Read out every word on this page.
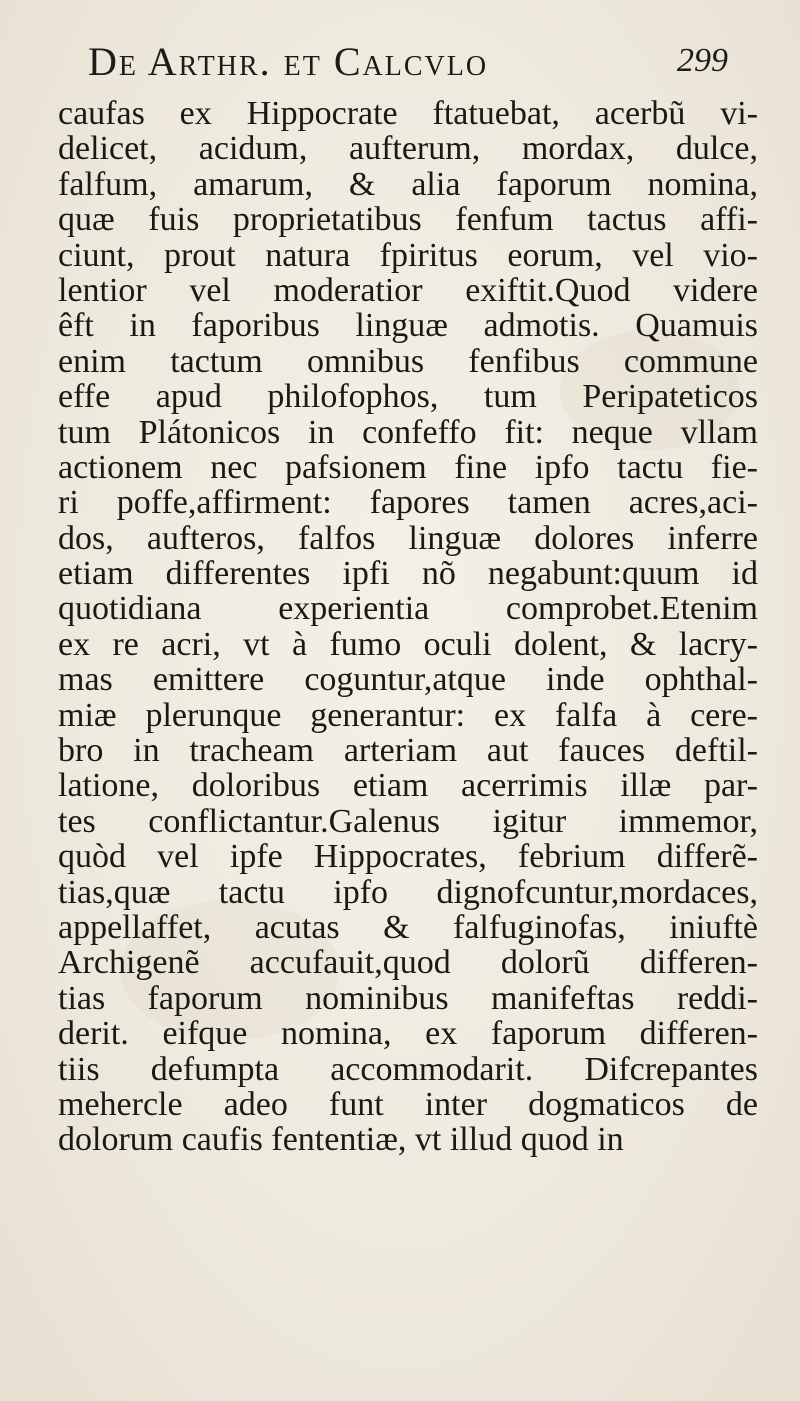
De Arthr. et Calcvlo	299
caufas ex Hippocrate ftatuebat, acerbũ vi-
delicet, acidum, aufterum, mordax, dulce,
falfum, amarum, & alia faporum nomina,
quæ fuis proprietatibus fenfum tactus affi-
ciunt, prout natura fpiritus eorum, vel vio-
lentior vel moderatior exiftit.Quod videre
êft in faporibus linguæ admotis. Quamuis
enim tactum omnibus fenfibus commune
effe apud philofophos, tum Peripateticos
tum Plátonicos in confeffo fit: neque vllam
actionem nec pafsionem fine ipfo tactu fie-
ri poffe,affirment: fapores tamen acres,aci-
dos, aufteros, falfos linguæ dolores inferre
etiam differentes ipfi nõ negabunt:quum id
quotidiana experientia comprobet.Etenim
ex re acri, vt à fumo oculi dolent, & lacry-
mas emittere coguntur,atque inde ophthal-
miæ plerunque generantur: ex falfa à cere-
bro in tracheam arteriam aut fauces deftil-
latione, doloribus etiam acerrimis illæ par-
tes conflictantur.Galenus igitur immemor,
quòd vel ipfe Hippocrates, febrium differẽ-
tias,quæ tactu ipfo dignofcuntur,mordaces,
appellaffet, acutas & falfuginofas, iniuftè
Archigenẽ accufauit,quod dolorũ differen-
tias faporum nominibus manifeftas reddi-
derit. eifque nomina, ex faporum differen-
tiis defumpta accommodarit. Difcrepantes
mehercle adeo funt inter dogmaticos de
dolorum caufis fententiæ, vt illud quod in
